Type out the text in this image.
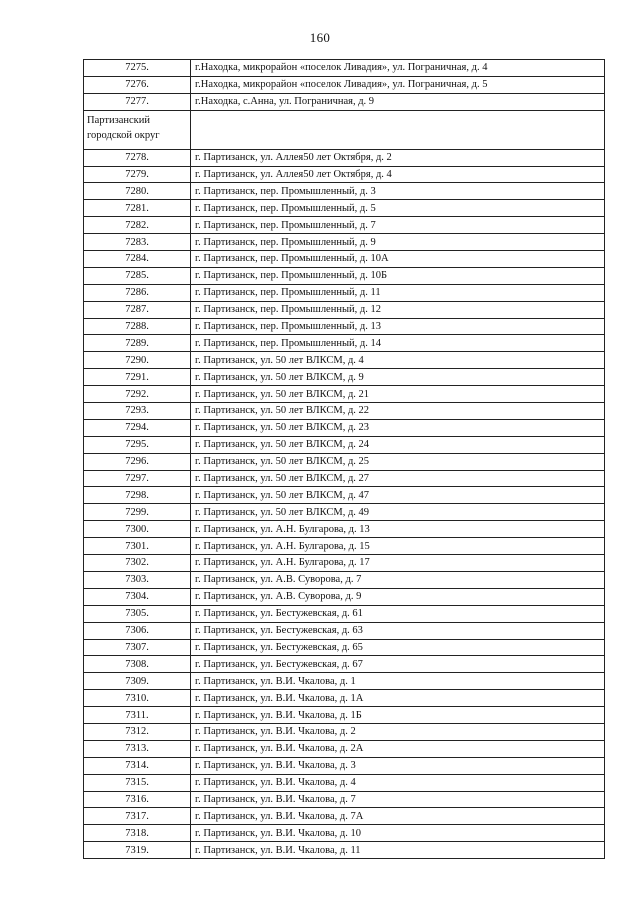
160
7275.	г.Находка, микрорайон «поселок Ливадия», ул. Пограничная, д. 4
7276.	г.Находка, микрорайон «поселок Ливадия», ул. Пограничная, д. 5
7277.	г.Находка, с.Анна, ул. Пограничная, д. 9
Партизанский городской округ	
7278.	г. Партизанск, ул. Аллея50 лет Октября, д. 2
7279.	г. Партизанск, ул. Аллея50 лет Октября, д. 4
7280.	г. Партизанск, пер. Промышленный, д. 3
7281.	г. Партизанск, пер. Промышленный, д. 5
7282.	г. Партизанск, пер. Промышленный, д. 7
7283.	г. Партизанск, пер. Промышленный, д. 9
7284.	г. Партизанск, пер. Промышленный, д. 10А
7285.	г. Партизанск, пер. Промышленный, д. 10Б
7286.	г. Партизанск, пер. Промышленный, д. 11
7287.	г. Партизанск, пер. Промышленный, д. 12
7288.	г. Партизанск, пер. Промышленный, д. 13
7289.	г. Партизанск, пер. Промышленный, д. 14
7290.	г. Партизанск, ул. 50 лет ВЛКСМ, д. 4
7291.	г. Партизанск, ул. 50 лет ВЛКСМ, д. 9
7292.	г. Партизанск, ул. 50 лет ВЛКСМ, д. 21
7293.	г. Партизанск, ул. 50 лет ВЛКСМ, д. 22
7294.	г. Партизанск, ул. 50 лет ВЛКСМ, д. 23
7295.	г. Партизанск, ул. 50 лет ВЛКСМ, д. 24
7296.	г. Партизанск, ул. 50 лет ВЛКСМ, д. 25
7297.	г. Партизанск, ул. 50 лет ВЛКСМ, д. 27
7298.	г. Партизанск, ул. 50 лет ВЛКСМ, д. 47
7299.	г. Партизанск, ул. 50 лет ВЛКСМ, д. 49
7300.	г. Партизанск, ул. А.Н. Булгарова, д. 13
7301.	г. Партизанск, ул. А.Н. Булгарова, д. 15
7302.	г. Партизанск, ул. А.Н. Булгарова, д. 17
7303.	г. Партизанск, ул. А.В. Суворова, д. 7
7304.	г. Партизанск, ул. А.В. Суворова, д. 9
7305.	г. Партизанск, ул. Бестужевская, д. 61
7306.	г. Партизанск, ул. Бестужевская, д. 63
7307.	г. Партизанск, ул. Бестужевская, д. 65
7308.	г. Партизанск, ул. Бестужевская, д. 67
7309.	г. Партизанск, ул. В.И. Чкалова, д. 1
7310.	г. Партизанск, ул. В.И. Чкалова, д. 1А
7311.	г. Партизанск, ул. В.И. Чкалова, д. 1Б
7312.	г. Партизанск, ул. В.И. Чкалова, д. 2
7313.	г. Партизанск, ул. В.И. Чкалова, д. 2А
7314.	г. Партизанск, ул. В.И. Чкалова, д. 3
7315.	г. Партизанск, ул. В.И. Чкалова, д. 4
7316.	г. Партизанск, ул. В.И. Чкалова, д. 7
7317.	г. Партизанск, ул. В.И. Чкалова, д. 7А
7318.	г. Партизанск, ул. В.И. Чкалова, д. 10
7319.	г. Партизанск, ул. В.И. Чкалова, д. 11
